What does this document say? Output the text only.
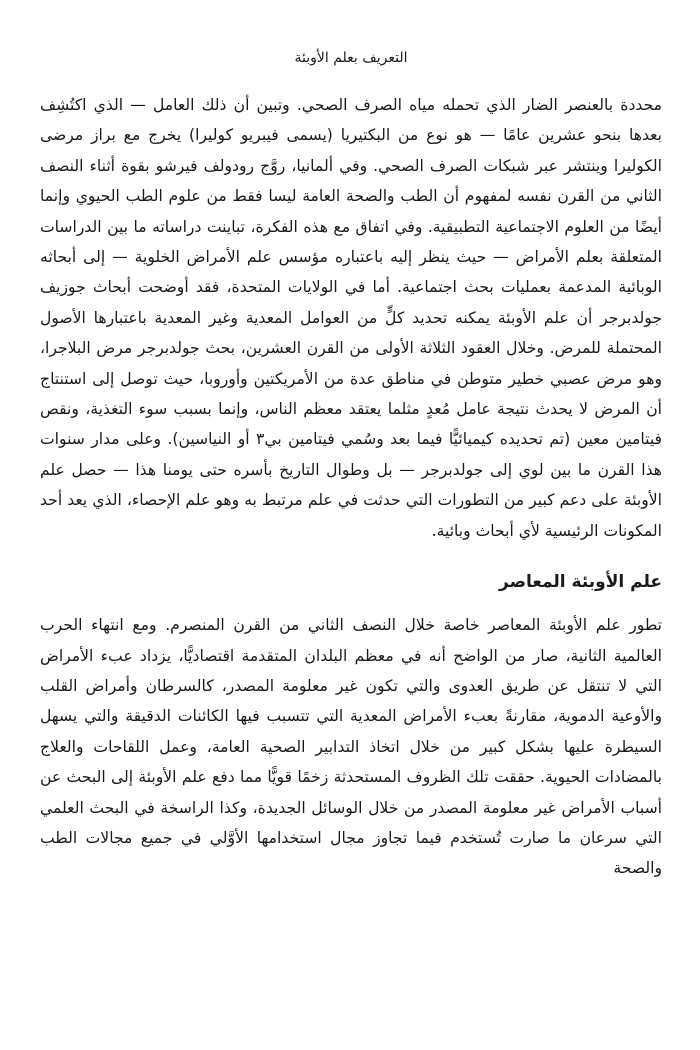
التعريف بعلم الأوبئة

محددة بالعنصر الضار الذي تحمله مياه الصرف الصحي. وتبين أن ذلك العامل — الذي اكتُشِف بعدها بنحو عشرين عامًا — هو نوع من البكتيريا (يسمى فيبريو كوليرا) يخرج مع براز مرضى الكوليرا وينتشر عبر شبكات الصرف الصحي. وفي ألمانيا، روَّج رودولف فيرشو بقوة أثناء النصف الثاني من القرن نفسه لمفهوم أن الطب والصحة العامة ليسا فقط من علوم الطب الحيوي وإنما أيضًا من العلوم الاجتماعية التطبيقية. وفي اتفاق مع هذه الفكرة، تباينت دراساته ما بين الدراسات المتعلقة بعلم الأمراض — حيث ينظر إليه باعتباره مؤسس علم الأمراض الخلوية — إلى أبحاثه الوبائية المدعمة بعمليات بحث اجتماعية. أما في الولايات المتحدة، فقد أوضحت أبحاث جوزيف جولدبرجر أن علم الأوبئة يمكنه تحديد كلٍّ من العوامل المعدية وغير المعدية باعتبارها الأصول المحتملة للمرض. وخلال العقود الثلاثة الأولى من القرن العشرين، بحث جولدبرجر مرض البلاجرا، وهو مرض عصبي خطير متوطن في مناطق عدة من الأمريكتين وأوروبا، حيث توصل إلى استنتاج أن المرض لا يحدث نتيجة عامل مُعدٍ مثلما يعتقد معظم الناس، وإنما بسبب سوء التغذية، ونقص فيتامين معين (تم تحديده كيميائيًّا فيما بعد وسُمي فيتامين بي٣ أو النياسين). وعلى مدار سنوات هذا القرن ما بين لوي إلى جولدبرجر — بل وطوال التاريخ بأسره حتى يومنا هذا — حصل علم الأوبئة على دعم كبير من التطورات التي حدثت في علم مرتبط به وهو علم الإحصاء، الذي يعد أحد المكونات الرئيسية لأي أبحاث وبائية.

علم الأوبئة المعاصر

تطور علم الأوبئة المعاصر خاصة خلال النصف الثاني من القرن المنصرم. ومع انتهاء الحرب العالمية الثانية، صار من الواضح أنه في معظم البلدان المتقدمة اقتصاديًّا، يزداد عبء الأمراض التي لا تنتقل عن طريق العدوى والتي تكون غير معلومة المصدر، كالسرطان وأمراض القلب والأوعية الدموية، مقارنةً بعبء الأمراض المعدية التي تتسبب فيها الكائنات الدقيقة والتي يسهل السيطرة عليها بشكل كبير من خلال اتخاذ التدابير الصحية العامة، وعمل اللقاحات والعلاج بالمضادات الحيوية. حققت تلك الظروف المستحدثة زخمًا قويًّا مما دفع علم الأوبئة إلى البحث عن أسباب الأمراض غير معلومة المصدر من خلال الوسائل الجديدة، وكذا الراسخة في البحث العلمي التي سرعان ما صارت تُستخدم فيما تجاوز مجال استخدامها الأوَّلي في جميع مجالات الطب والصحة
